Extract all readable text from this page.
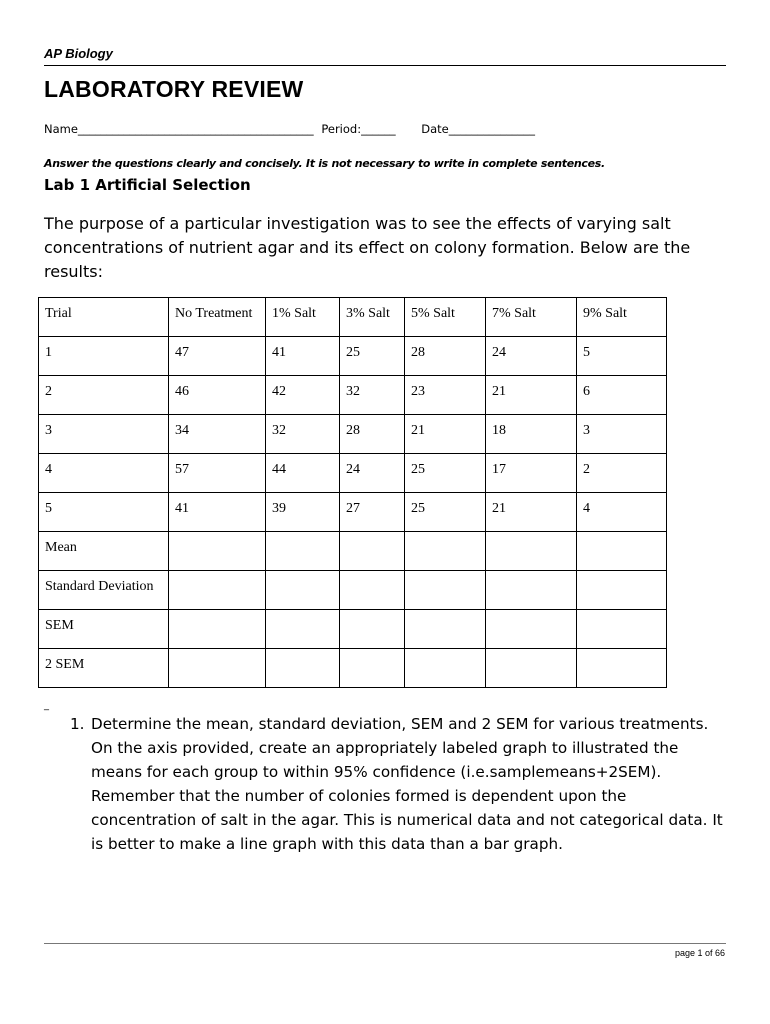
AP Biology
LABORATORY REVIEW
Name_________________________________________ Period:______ Date_______________
Answer the questions clearly and concisely. It is not necessary to write in complete sentences.
Lab 1 Artificial Selection
The purpose of a particular investigation was to see the effects of varying salt concentrations of nutrient agar and its effect on colony formation. Below are the results:
Trial	No Treatment	1% Salt	3% Salt	5% Salt	7% Salt	9% Salt
1	47	41	25	28	24	5
2	46	42	32	23	21	6
3	34	32	28	21	18	3
4	57	44	24	25	17	2
5	41	39	27	25	21	4
Mean						
Standard Deviation						
SEM						
2 SEM						
_
1. Determine the mean, standard deviation, SEM and 2 SEM for various treatments. On the axis provided, create an appropriately labeled graph to illustrated the means for each group to within 95% confidence (i.e.samplemeans+2SEM). Remember that the number of colonies formed is dependent upon the concentration of salt in the agar. This is numerical data and not categorical data. It is better to make a line graph with this data than a bar graph.
page 1 of 66
